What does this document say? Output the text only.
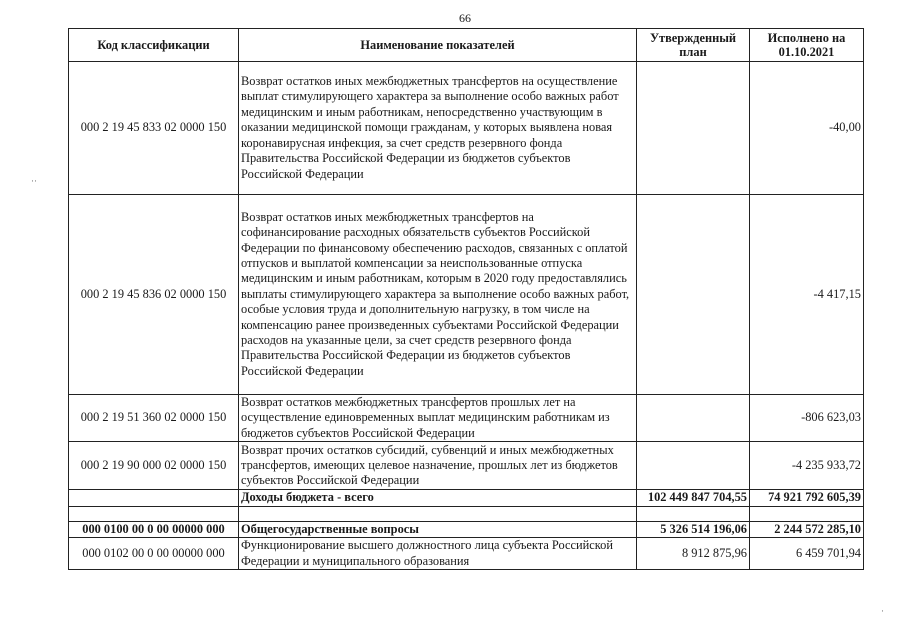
66
··
·
Код классификации	Наименование показателей	Утвержденный план	Исполнено на 01.10.2021
000 2 19 45 833 02 0000 150	Возврат остатков иных межбюджетных трансфертов на осуществление выплат стимулирующего характера за выполнение особо важных работ медицинским и иным работникам, непосредственно участвующим в оказании медицинской помощи гражданам, у которых выявлена новая коронавирусная инфекция, за счет средств резервного фонда Правительства Российской Федерации из бюджетов субъектов Российской Федерации		-40,00
000 2 19 45 836 02 0000 150	Возврат остатков иных межбюджетных трансфертов на софинансирование расходных обязательств субъектов Российской Федерации по финансовому обеспечению расходов, связанных с оплатой отпусков и выплатой компенсации за неиспользованные отпуска медицинским и иным работникам, которым в 2020 году предоставлялись выплаты стимулирующего характера за выполнение особо важных работ, особые условия труда и дополнительную нагрузку, в том числе на компенсацию ранее произведенных субъектами Российской Федерации расходов на указанные цели, за счет средств резервного фонда Правительства Российской Федерации из бюджетов субъектов Российской Федерации		-4 417,15
000 2 19 51 360 02 0000 150	Возврат остатков межбюджетных трансфертов прошлых лет на осуществление единовременных выплат медицинским работникам из бюджетов субъектов Российской Федерации		-806 623,03
000 2 19 90 000 02 0000 150	Возврат прочих остатков субсидий, субвенций и иных межбюджетных трансфертов, имеющих целевое назначение, прошлых лет из бюджетов субъектов Российской Федерации		-4 235 933,72
	Доходы бюджета - всего	102 449 847 704,55	74 921 792 605,39

000 0100 00 0 00 00000 000	Общегосударственные вопросы	5 326 514 196,06	2 244 572 285,10
000 0102 00 0 00 00000 000	Функционирование высшего должностного лица субъекта Российской Федерации и муниципального образования	8 912 875,96	6 459 701,94
